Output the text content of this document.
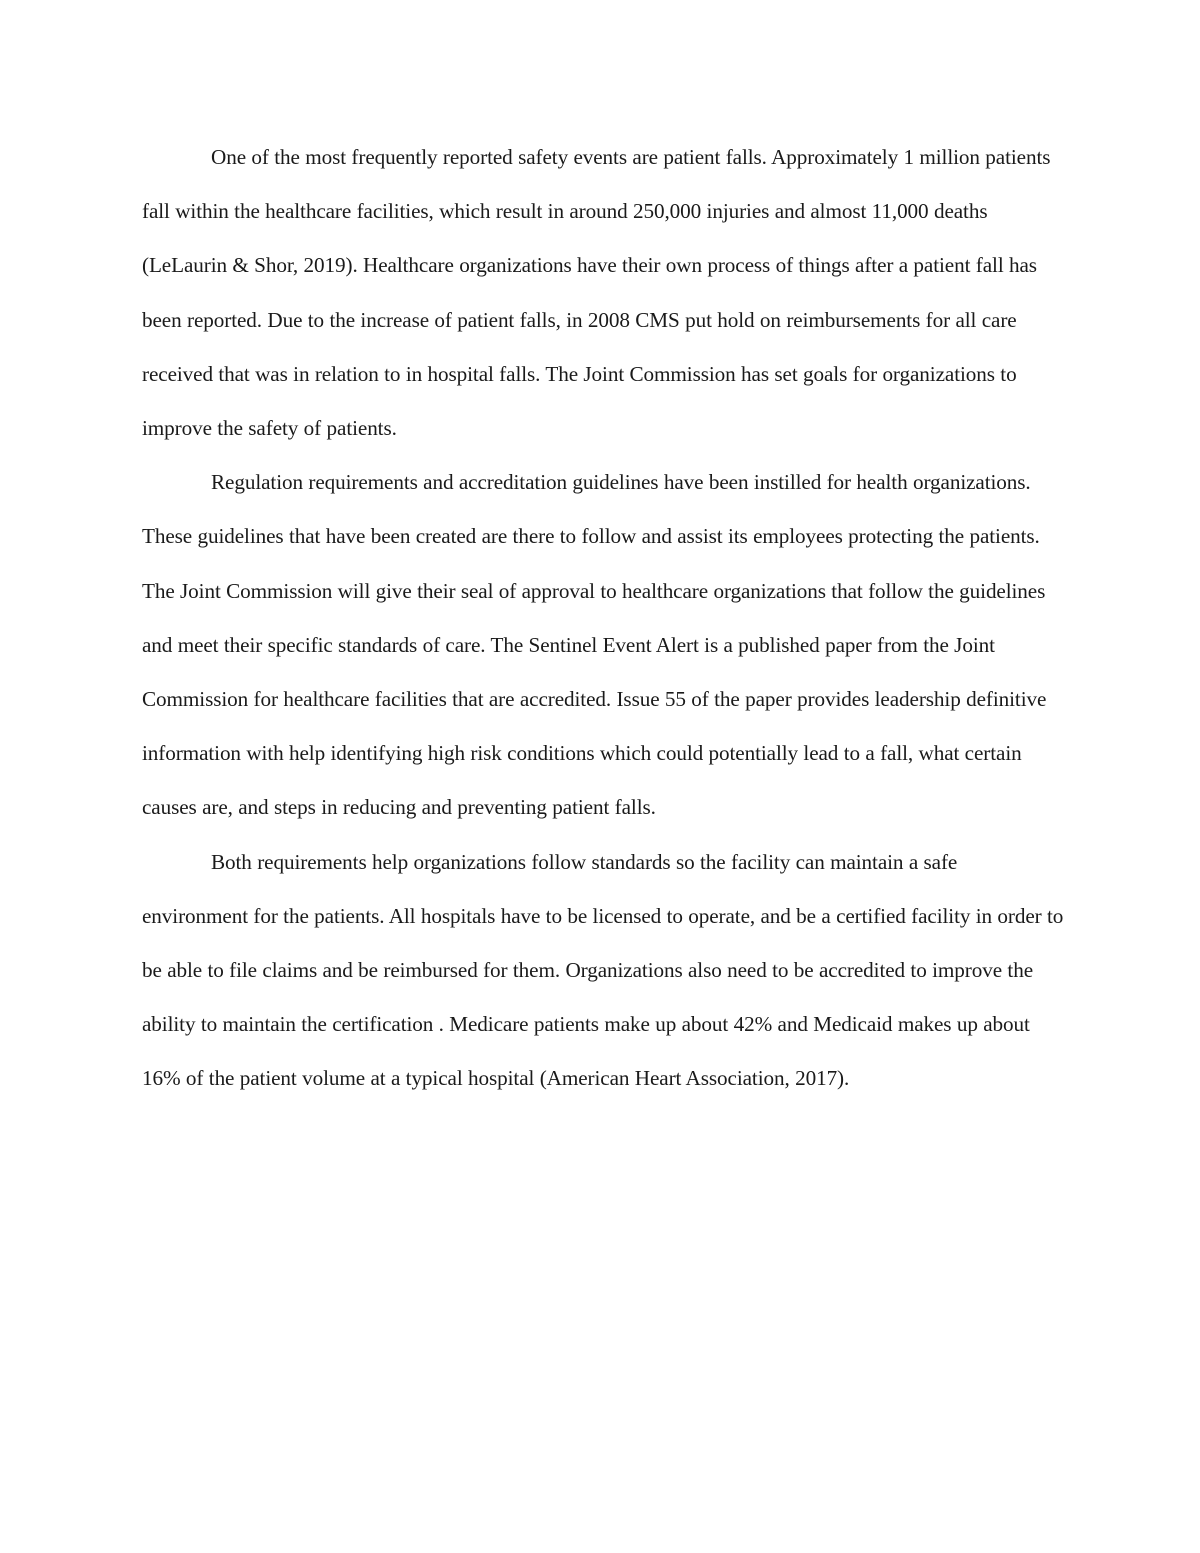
One of the most frequently reported safety events are patient falls. Approximately 1 million patients fall within the healthcare facilities, which result in around 250,000 injuries and almost 11,000 deaths (LeLaurin & Shor, 2019). Healthcare organizations have their own process of things after a patient fall has been reported. Due to the increase of patient falls, in 2008 CMS put hold on reimbursements for all care received that was in relation to in hospital falls. The Joint Commission has set goals for organizations to improve the safety of patients.

Regulation requirements and accreditation guidelines have been instilled for health organizations. These guidelines that have been created are there to follow and assist its employees protecting the patients. The Joint Commission will give their seal of approval to healthcare organizations that follow the guidelines and meet their specific standards of care. The Sentinel Event Alert is a published paper from the Joint Commission for healthcare facilities that are accredited. Issue 55 of the paper provides leadership definitive information with help identifying high risk conditions which could potentially lead to a fall, what certain causes are, and steps in reducing and preventing patient falls.

Both requirements help organizations follow standards so the facility can maintain a safe environment for the patients. All hospitals have to be licensed to operate, and be a certified facility in order to be able to file claims and be reimbursed for them. Organizations also need to be accredited to improve the ability to maintain the certification . Medicare patients make up about 42% and Medicaid makes up about 16% of the patient volume at a typical hospital (American Heart Association, 2017).
